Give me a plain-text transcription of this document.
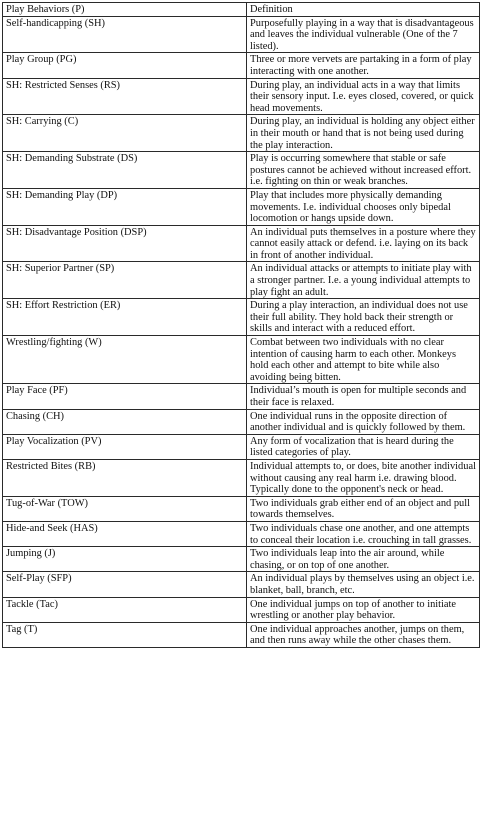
Play Behaviors (P)	Definition
Self-handicapping (SH)	Purposefully playing in a way that is disadvantageous and leaves the individual vulnerable (One of the 7 listed).
Play Group (PG)	Three or more vervets are partaking in a form of play interacting with one another.
SH: Restricted Senses (RS)	During play, an individual acts in a way that limits their sensory input. I.e. eyes closed, covered, or quick head movements.
SH: Carrying (C)	During play, an individual is holding any object either in their mouth or hand that is not being used during the play interaction.
SH: Demanding Substrate (DS)	Play is occurring somewhere that stable or safe postures cannot be achieved without increased effort. i.e. fighting on thin or weak branches.
SH: Demanding Play (DP)	Play that includes more physically demanding movements. I.e. individual chooses only bipedal locomotion or hangs upside down.
SH: Disadvantage Position (DSP)	An individual puts themselves in a posture where they cannot easily attack or defend. i.e. laying on its back in front of another individual.
SH: Superior Partner (SP)	An individual attacks or attempts to initiate play with a stronger partner. I.e. a young individual attempts to play fight an adult.
SH: Effort Restriction (ER)	During a play interaction, an individual does not use their full ability. They hold back their strength or skills and interact with a reduced effort.
Wrestling/fighting (W)	Combat between two individuals with no clear intention of causing harm to each other. Monkeys hold each other and attempt to bite while also avoiding being bitten.
Play Face (PF)	Individual’s mouth is open for multiple seconds and their face is relaxed.
Chasing (CH)	One individual runs in the opposite direction of another individual and is quickly followed by them.
Play Vocalization (PV)	Any form of vocalization that is heard during the listed categories of play.
Restricted Bites (RB)	Individual attempts to, or does, bite another individual without causing any real harm i.e. drawing blood. Typically done to the opponent's neck or head.
Tug-of-War (TOW)	Two individuals grab either end of an object and pull towards themselves.
Hide-and Seek (HAS)	Two individuals chase one another, and one attempts to conceal their location i.e. crouching in tall grasses.
Jumping (J)	Two individuals leap into the air around, while chasing, or on top of one another.
Self-Play (SFP)	An individual plays by themselves using an object i.e. blanket, ball, branch, etc.
Tackle (Tac)	One individual jumps on top of another to initiate wrestling or another play behavior.
Tag (T)	One individual approaches another, jumps on them, and then runs away while the other chases them.
